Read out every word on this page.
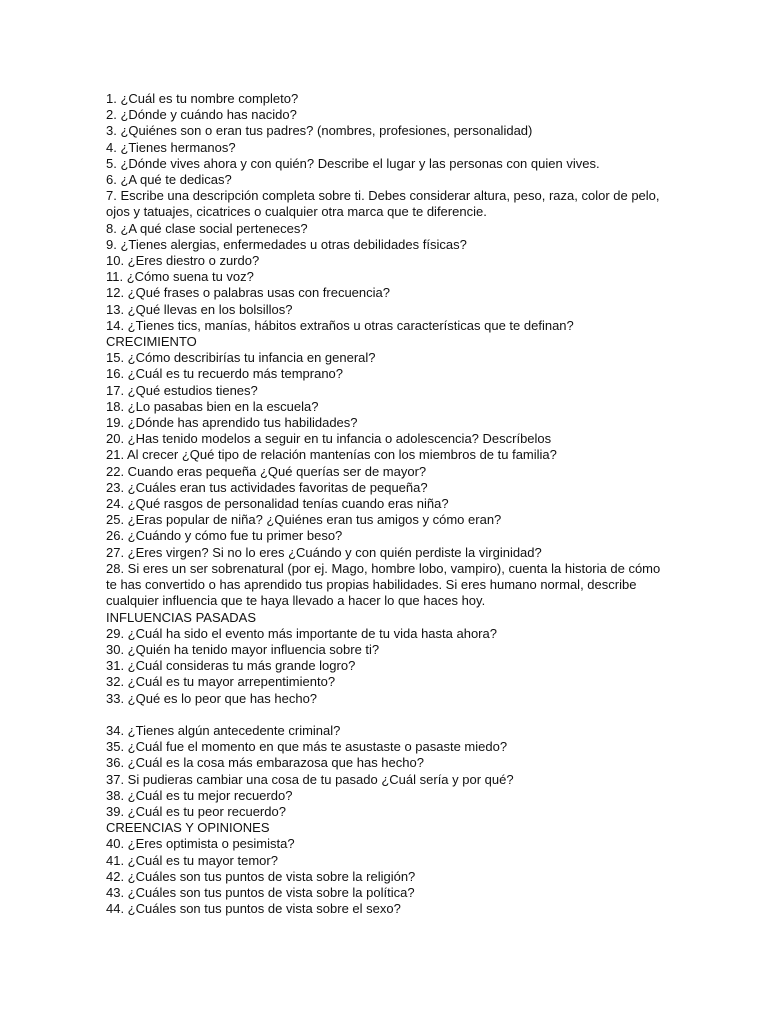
1. ¿Cuál es tu nombre completo?

2. ¿Dónde y cuándo has nacido?

3. ¿Quiénes son o eran tus padres? (nombres, profesiones, personalidad)

4. ¿Tienes hermanos?

5. ¿Dónde vives ahora y con quién? Describe el lugar y las personas con quien vives.

6. ¿A qué te dedicas?

7. Escribe una descripción completa sobre ti. Debes considerar altura, peso, raza, color de pelo, ojos y tatuajes, cicatrices o cualquier otra marca que te diferencie.

8. ¿A qué clase social perteneces?

9. ¿Tienes alergias, enfermedades u otras debilidades físicas?

10. ¿Eres diestro o zurdo?

11. ¿Cómo suena tu voz?

12. ¿Qué frases o palabras usas con frecuencia?

13. ¿Qué llevas en los bolsillos?

14. ¿Tienes tics, manías, hábitos extraños u otras características que te definan?

CRECIMIENTO

15. ¿Cómo describirías tu infancia en general?

16. ¿Cuál es tu recuerdo más temprano?

17. ¿Qué estudios tienes?

18. ¿Lo pasabas bien en la escuela?

19. ¿Dónde has aprendido tus habilidades?

20. ¿Has tenido modelos a seguir en tu infancia o adolescencia? Descríbelos

21. Al crecer ¿Qué tipo de relación mantenías con los miembros de tu familia?

22. Cuando eras pequeña ¿Qué querías ser de mayor?

23. ¿Cuáles eran tus actividades favoritas de pequeña?

24. ¿Qué rasgos de personalidad tenías cuando eras niña?

25. ¿Eras popular de niña? ¿Quiénes eran tus amigos y cómo eran?

26. ¿Cuándo y cómo fue tu primer beso?

27. ¿Eres virgen? Si no lo eres ¿Cuándo y con quién perdiste la virginidad?

28. Si eres un ser sobrenatural (por ej. Mago, hombre lobo, vampiro), cuenta la historia de cómo te has convertido o has aprendido tus propias habilidades. Si eres humano normal, describe cualquier influencia que te haya llevado a hacer lo que haces hoy.

INFLUENCIAS PASADAS

29. ¿Cuál ha sido el evento más importante de tu vida hasta ahora?

30. ¿Quién ha tenido mayor influencia sobre ti?

31. ¿Cuál consideras tu más grande logro?

32. ¿Cuál es tu mayor arrepentimiento?

33. ¿Qué es lo peor que has hecho?

34. ¿Tienes algún antecedente criminal?

35. ¿Cuál fue el momento en que más te asustaste o pasaste miedo?

36. ¿Cuál es la cosa más embarazosa que has hecho?

37. Si pudieras cambiar una cosa de tu pasado ¿Cuál sería y por qué?

38. ¿Cuál es tu mejor recuerdo?

39. ¿Cuál es tu peor recuerdo?

CREENCIAS Y OPINIONES

40. ¿Eres optimista o pesimista?

41. ¿Cuál es tu mayor temor?

42. ¿Cuáles son tus puntos de vista sobre la religión?

43. ¿Cuáles son tus puntos de vista sobre la política?

44. ¿Cuáles son tus puntos de vista sobre el sexo?
